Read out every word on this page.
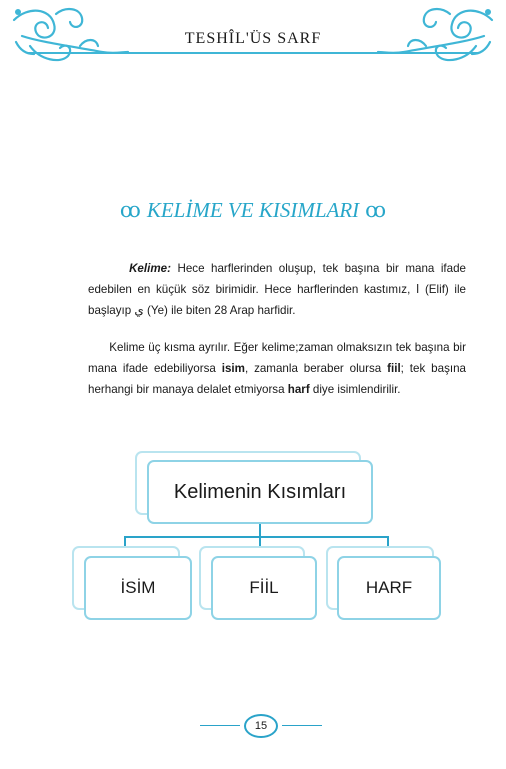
TESHÎL'ÜS SARF
ꝏ KELİME VE KISIMLARI ꝏ

Kelime: Hece harflerinden oluşup, tek başına bir mana ifade edebilen en küçük söz birimidir. Hece harflerinden kastımız, ا (Elif) ile başlayıp ي (Ye) ile biten 28 Arap harfidir.

Kelime üç kısma ayrılır. Eğer kelime;zaman olmaksızın tek başına bir mana ifade edebiliyorsa isim, zamanla beraber olursa fiil; tek başına herhangi bir manaya delalet etmiyorsa harf diye isimlendirilir.

Kelimenin Kısımları
İSİM	FİİL	HARF
15
